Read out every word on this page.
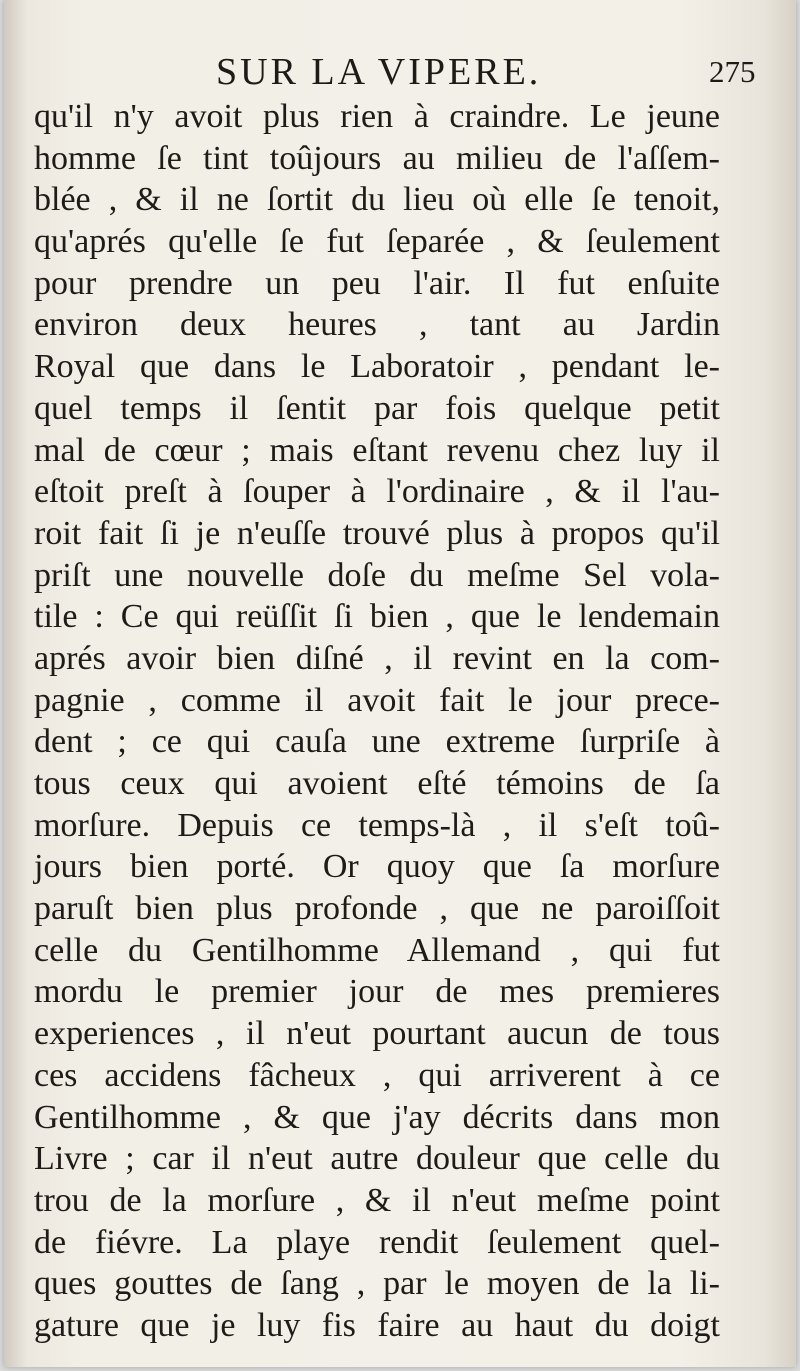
SUR LA VIPERE.	275
qu'il n'y avoit plus rien à craindre. Le jeune
homme ſe tint toûjours au milieu de l'aſſem-
blée , & il ne ſortit du lieu où elle ſe tenoit,
qu'aprés qu'elle ſe fut ſeparée , & ſeulement
pour prendre un peu l'air. Il fut enſuite
environ deux heures , tant au Jardin
Royal que dans le Laboratoir , pendant le-
quel temps il ſentit par fois quelque petit
mal de cœur ; mais eſtant revenu chez luy il
eſtoit preſt à ſouper à l'ordinaire , & il l'au-
roit fait ſi je n'euſſe trouvé plus à propos qu'il
priſt une nouvelle doſe du meſme Sel vola-
tile : Ce qui reüſſit ſi bien , que le lendemain
aprés avoir bien diſné , il revint en la com-
pagnie , comme il avoit fait le jour prece-
dent ; ce qui cauſa une extreme ſurpriſe à
tous ceux qui avoient eſté témoins de ſa
morſure. Depuis ce temps-là , il s'eſt toû-
jours bien porté. Or quoy que ſa morſure
paruſt bien plus profonde , que ne paroiſſoit
celle du Gentilhomme Allemand , qui fut
mordu le premier jour de mes premieres
experiences , il n'eut pourtant aucun de tous
ces accidens fâcheux , qui arriverent à ce
Gentilhomme , & que j'ay décrits dans mon
Livre ; car il n'eut autre douleur que celle du
trou de la morſure , & il n'eut meſme point
de fiévre. La playe rendit ſeulement quel-
ques gouttes de ſang , par le moyen de la li-
gature que je luy fis faire au haut du doigt
